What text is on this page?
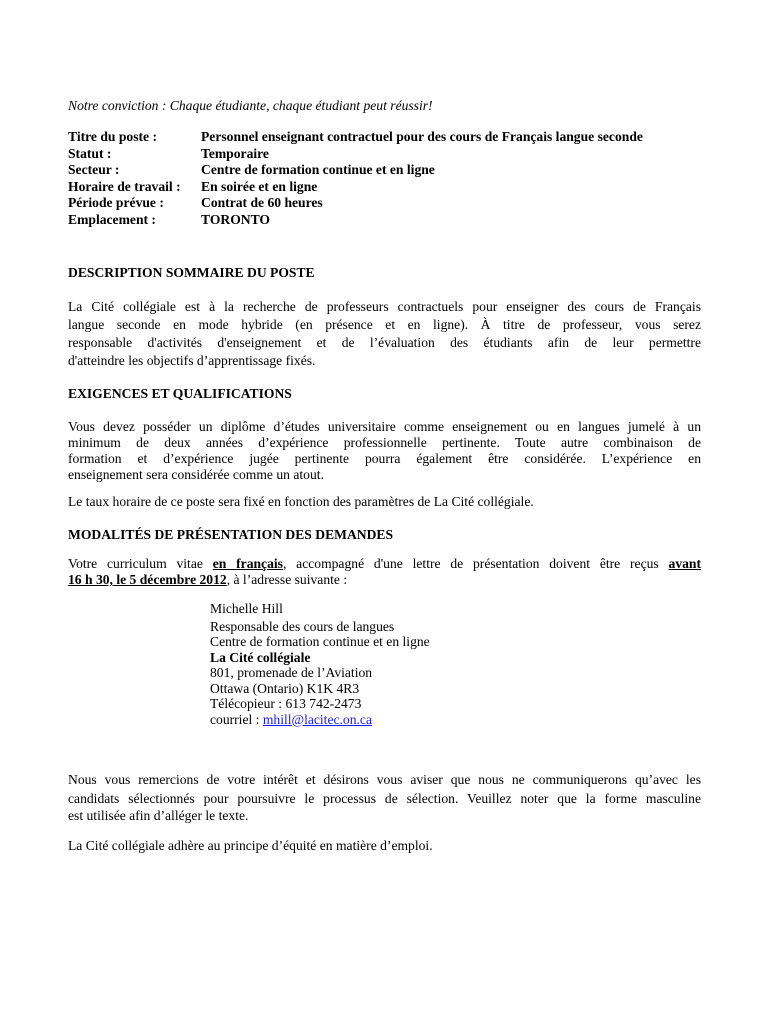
Notre conviction : Chaque étudiante, chaque étudiant peut réussir!
Titre du poste :	Personnel enseignant contractuel pour des cours de Français langue seconde
Statut :	Temporaire
Secteur :	Centre de formation continue et en ligne
Horaire de travail : En soirée et en ligne
Période prévue :	Contrat de 60 heures
Emplacement :	TORONTO
DESCRIPTION SOMMAIRE DU POSTE
La Cité collégiale est à la recherche de professeurs contractuels pour enseigner des cours de Français
langue seconde en mode hybride (en présence et en ligne). À titre de professeur, vous serez
responsable d'activités d'enseignement et de l’évaluation des étudiants afin de leur permettre
d'atteindre les objectifs d’apprentissage fixés.
EXIGENCES ET QUALIFICATIONS
Vous devez posséder un diplôme d’études universitaire comme enseignement ou en langues jumelé à un
minimum de deux années d’expérience professionnelle pertinente. Toute autre combinaison de
formation et d’expérience jugée pertinente pourra également être considérée. L’expérience en
enseignement sera considérée comme un atout.
Le taux horaire de ce poste sera fixé en fonction des paramètres de La Cité collégiale.
MODALITÉS DE PRÉSENTATION DES DEMANDES
Votre curriculum vitae en français, accompagné d'une lettre de présentation doivent être reçus avant
16 h 30, le 5 décembre 2012, à l’adresse suivante :
Michelle Hill
Responsable des cours de langues
Centre de formation continue et en ligne
La Cité collégiale
801, promenade de l’Aviation
Ottawa (Ontario) K1K 4R3
Télécopieur : 613 742-2473
courriel : mhill@lacitec.on.ca
Nous vous remercions de votre intérêt et désirons vous aviser que nous ne communiquerons qu’avec les
candidats sélectionnés pour poursuivre le processus de sélection. Veuillez noter que la forme masculine
est utilisée afin d’alléger le texte.
La Cité collégiale adhère au principe d’équité en matière d’emploi.
